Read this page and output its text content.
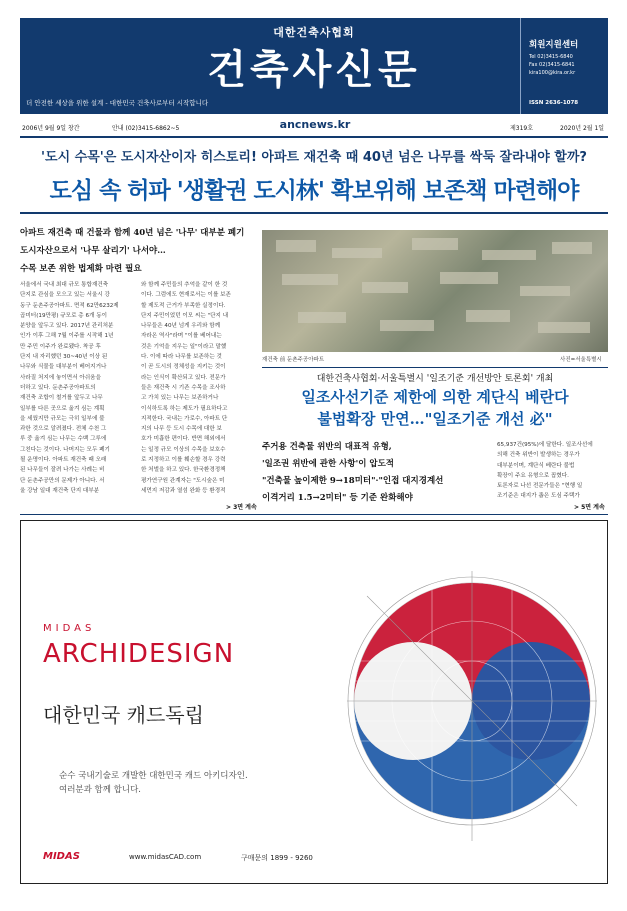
대한건축사협회
건축사신문
더 안전한 세상을 위한 설계 - 대한민국 건축사로부터 시작합니다
회원지원센터
Tel 02)3415-6840
Fax 02)3415-6841
kira100@kira.or.kr
ISSN 2636-1078
2006년 9월 9일 창간	안내 (02)3415-6862~5	ancnews.kr	제319호	2020년 2월 1일
'도시 수목'은 도시자산이자 히스토리! 아파트 재건축 때 40년 넘은 나무를 싹둑 잘라내야 할까?
도심 속 허파 '생활권 도시林' 확보위해 보존책 마련해야
아파트 재건축 때 건물과 함께 40년 넘은 '나무' 대부분 폐기
도시자산으로서 '나무 살리기' 나서야…
수목 보존 위한 법제화 마련 필요
서울에서 국내 최대 규모 통합재건축
단지로 관심을 모으고 있는 서울시 강
동구 둔촌주공아파트. 면적 62만6232제
곱미터(19만평) 규모로 총 6개 동이
분양을 앞두고 있다. 2017년 관리처분
인가 이후 그해 7월 이주를 시작해 1년
만 주민 이주가 완료됐다. 착공 후
단지 내 자리했던 30~40년 이상 된
나무와 식물들 대부분이 베어지거나
사라질 처지에 놓이면서 아쉬움을
더하고 있다. 둔촌주공아파트의
재건축 조합이 철거를 앞두고 나무
일부를 다른 곳으로 옮겨 심는 계획
을 세웠지만 규모는 극히 일부에 불
과한 것으로 알려졌다. 전체 수천 그
루 중 옮겨 심는 나무는 수백 그루에
그친다는 것이다. 나머지는 모두 폐기
될 운명이다. 아파트 재건축 때 오래
된 나무들이 잘려 나가는 사례는 비
단 둔촌주공만의 문제가 아니다. 서
울 강남 일대 재건축 단지 대부분
와 함께 주민들의 추억을 같이 한 것
이다. 그럼에도 현재로서는 이를 보존
할 제도적 근거가 부족한 실정이다.
단지 주민이었던 이모 씨는 "단지 내
나무들은 40년 넘게 우리와 함께
자라온 역사"라며 "이를 베어내는
것은 기억을 지우는 일"이라고 말했
다. 이에 따라 나무를 보존하는 것
이 곧 도시의 정체성을 지키는 것이
라는 인식이 확산되고 있다. 전문가
들은 재건축 시 기존 수목을 조사하
고 가치 있는 나무는 보존하거나
이식하도록 하는 제도가 필요하다고
지적한다. 국내는 가로수, 아파트 단
지의 나무 등 도시 수목에 대한 보
호가 미흡한 편이다. 반면 해외에서
는 일정 규모 이상의 수목을 보호수
로 지정하고 이를 훼손할 경우 강력
한 처벌을 하고 있다. 한국환경정책
평가연구원 관계자는 "도시숲은 미
세먼지 저감과 열섬 완화 등 환경적
재건축 前 둔촌주공아파트	사진=서울특별시
대한건축사협회·서울특별시 '일조기준 개선방안 토론회' 개최
일조사선기준 제한에 의한 계단식 베란다
불법확장 만연…"일조기준 개선 必"
주거용 건축물 위반의 대표적 유형,
'일조권 위반에 관한 사항'이 압도적
"건축물 높이제한 9→18미터"·"인접 대지경계선
이격거리 1.5→2미터" 등 기준 완화해야
65,937건(95%)에 달한다. 일조사선에
의해 건축 위반이 발생하는 경우가
대부분이며, 계단식 베란다 불법
확장이 주요 유형으로 꼽혔다.
토론자로 나선 전문가들은 "현행 일
조기준은 대지가 좁은 도심 주택가
> 3면 계속	> 5면 계속
MIDAS
ARCHIDESIGN
대한민국 캐드독립
순수 국내기술로 개발한 대한민국 캐드 아키디자인.
여러분과 함께 합니다.
MIDAS	www.midasCAD.com	구매문의 1899 - 9260
